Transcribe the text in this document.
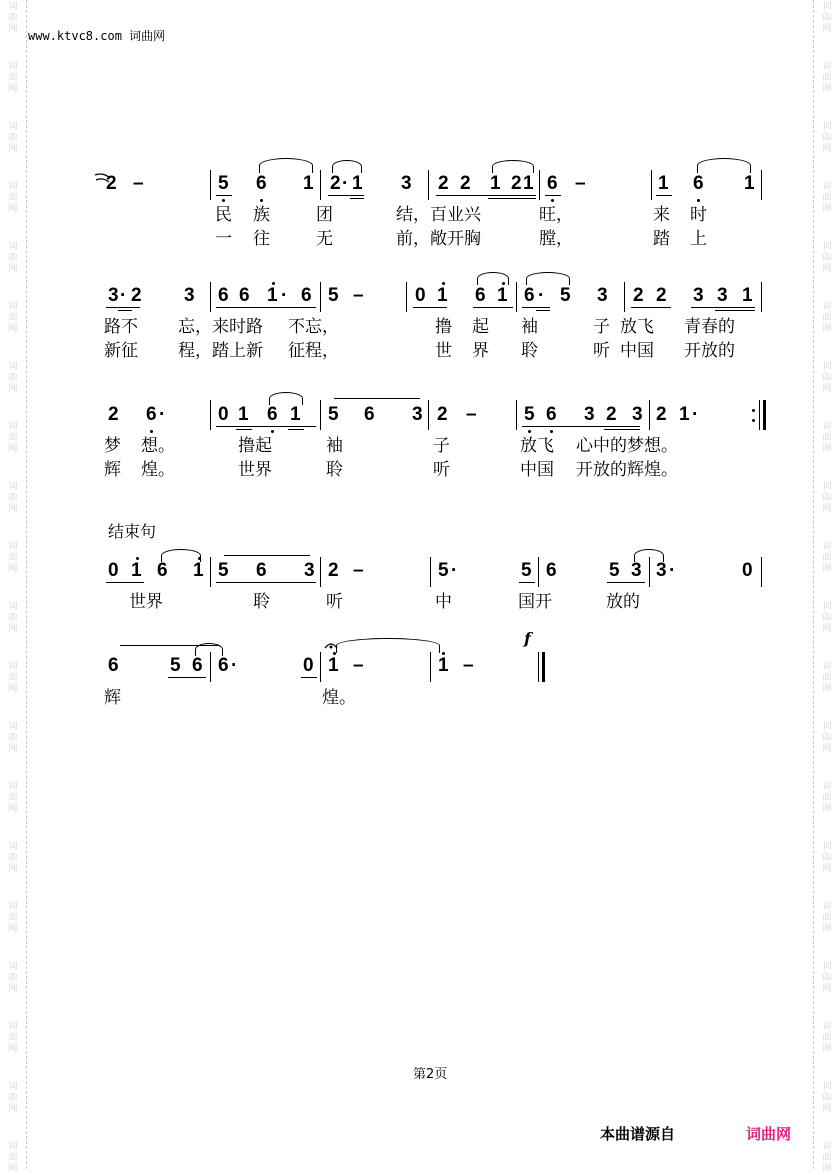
www.ktvc8.com 词曲网
2 –	5 6 1 2 · 1 3 2 2 1 2 1 6 –	1 6 1
民 族	团	结，百业兴	旺，	来 时
一 往	无	前，敞开胸	膛，	踏 上
3 · 2 3 6 6 1 · 6 5 –	0 1 6 1 6 · 5 3 2 2 3 3 1
路不 忘，来时路 不忘，	撸 起 袖	子 放飞 青春的
新征 程，踏上新 征程，	世 界 聆	听 中国 开放的
2 6 ·	0 1 6 1 5 6 3 2 – 5 6 3 2 3 2 1 ·
梦 想。	撸起	袖	子	放飞 心中的梦想。
辉 煌。	世界	聆	听	中国 开放的辉煌。
结束句
0 1 6 1 5 6 3 2 –	5 ·	5 6	5 3 3 ·	0
世界	聆	听	中	国开	放的
6	5 6 6 ·	0 1 –	1 –
f
辉	煌。
第2页
本曲谱源自	词曲网
词
曲
网
词
曲
网
词
曲
网
词
曲
网
词
曲
网
词
曲
网
词
曲
网
词
曲
网
词
曲
网
词
曲
网
词
曲
网
词
曲
网
词
曲
网
词
曲
网
词
曲
网
词
曲
网
词
曲
网
词
曲
网
词
曲
网
词
曲
网
词
曲
网
词
曲
网
词
曲
网
词
曲
网
词
曲
网
词
曲
网
词
曲
网
词
曲
网
词
曲
网
词
曲
网
词
曲
网
词
曲
网
词
曲
网
词
曲
网
词
曲
网
词
曲
网
词
曲
网
词
曲
网
词
曲
网
词
曲
网
